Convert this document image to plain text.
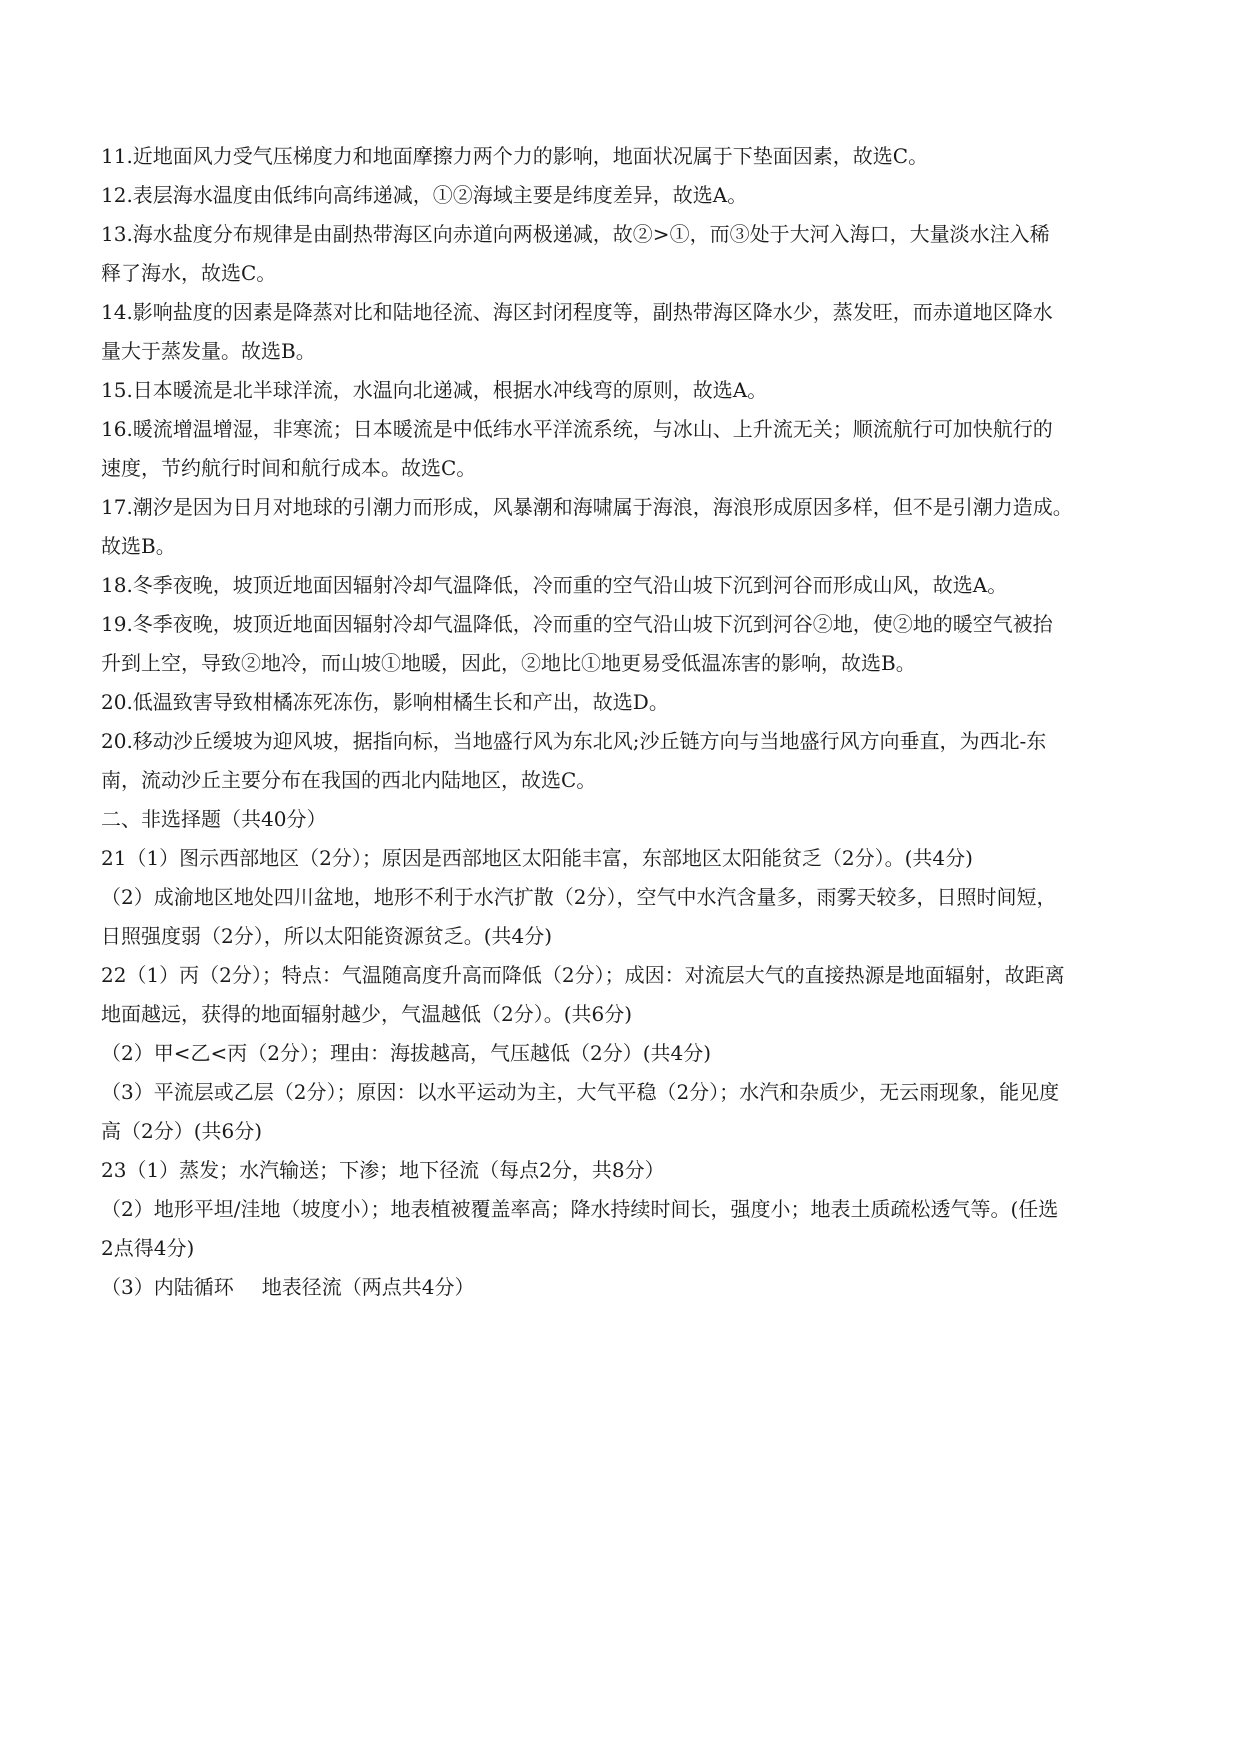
11.近地面风力受气压梯度力和地面摩擦力两个力的影响，地面状况属于下垫面因素，故选C。
12.表层海水温度由低纬向高纬递减，①②海域主要是纬度差异，故选A。
13.海水盐度分布规律是由副热带海区向赤道向两极递减，故②>①，而③处于大河入海口，大量淡水注入稀
释了海水，故选C。
14.影响盐度的因素是降蒸对比和陆地径流、海区封闭程度等，副热带海区降水少，蒸发旺，而赤道地区降水
量大于蒸发量。故选B。
15.日本暖流是北半球洋流，水温向北递减，根据水冲线弯的原则，故选A。
16.暖流增温增湿，非寒流；日本暖流是中低纬水平洋流系统，与冰山、上升流无关；顺流航行可加快航行的
速度，节约航行时间和航行成本。故选C。
17.潮汐是因为日月对地球的引潮力而形成，风暴潮和海啸属于海浪，海浪形成原因多样，但不是引潮力造成。
故选B。
18.冬季夜晚，坡顶近地面因辐射冷却气温降低，冷而重的空气沿山坡下沉到河谷而形成山风，故选A。
19.冬季夜晚，坡顶近地面因辐射冷却气温降低，冷而重的空气沿山坡下沉到河谷②地，使②地的暖空气被抬
升到上空，导致②地冷，而山坡①地暖，因此，②地比①地更易受低温冻害的影响，故选B。
20.低温致害导致柑橘冻死冻伤，影响柑橘生长和产出，故选D。
20.移动沙丘缓坡为迎风坡，据指向标，当地盛行风为东北风;沙丘链方向与当地盛行风方向垂直，为西北-东
南，流动沙丘主要分布在我国的西北内陆地区，故选C。
二、非选择题（共40分）
21（1）图示西部地区（2分）；原因是西部地区太阳能丰富，东部地区太阳能贫乏（2分）。(共4分)
（2）成渝地区地处四川盆地，地形不利于水汽扩散（2分），空气中水汽含量多，雨雾天较多，日照时间短，
日照强度弱（2分），所以太阳能资源贫乏。(共4分)
22（1）丙（2分）；特点：气温随高度升高而降低（2分）；成因：对流层大气的直接热源是地面辐射，故距离
地面越远，获得的地面辐射越少，气温越低（2分）。(共6分)
（2）甲<乙<丙（2分）；理由：海拔越高，气压越低（2分）(共4分)
（3）平流层或乙层（2分）；原因：以水平运动为主，大气平稳（2分）；水汽和杂质少，无云雨现象，能见度
高（2分）(共6分)
23（1）蒸发；水汽输送；下渗；地下径流（每点2分，共8分）
（2）地形平坦/洼地（坡度小）；地表植被覆盖率高；降水持续时间长，强度小；地表土质疏松透气等。(任选
2点得4分)
（3）内陆循环 地表径流（两点共4分）
